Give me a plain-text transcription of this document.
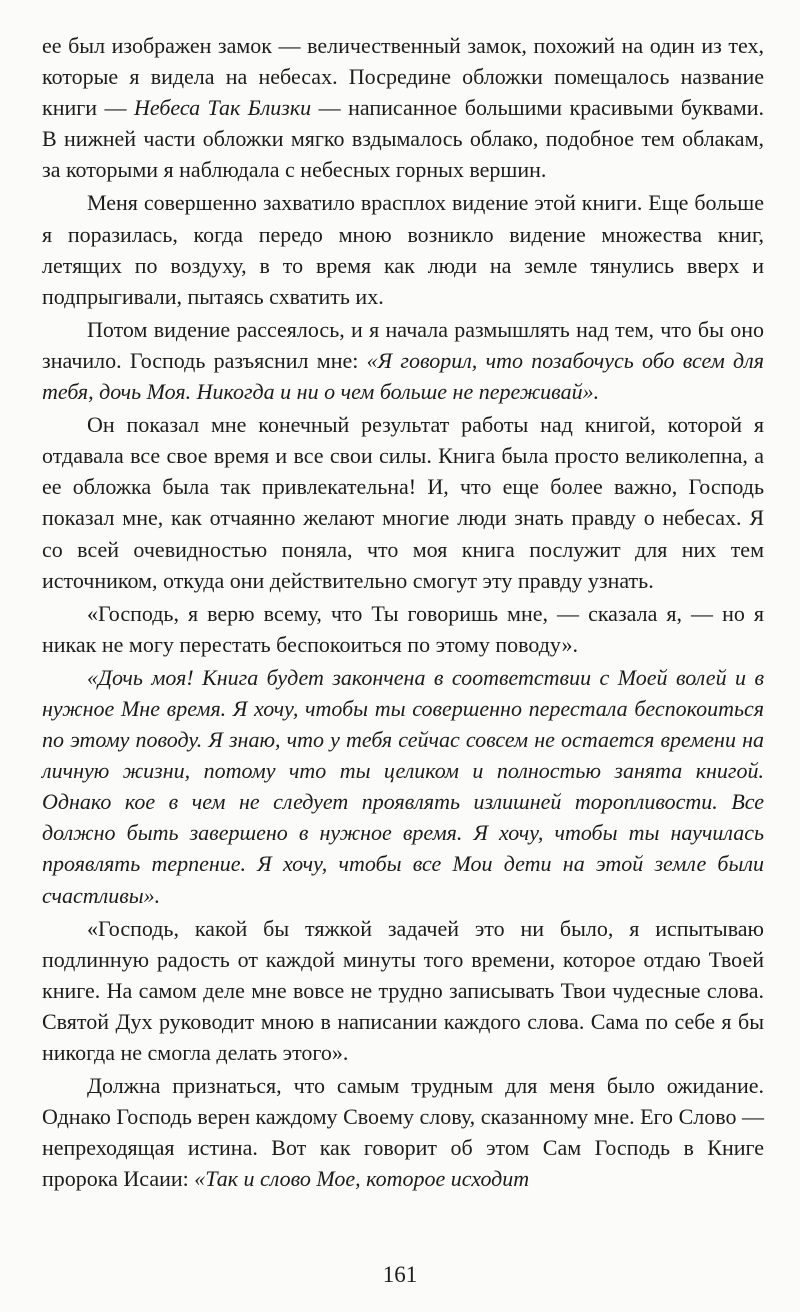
ее был изображен замок — величественный замок, похожий на один из тех, которые я видела на небесах. Посредине обложки помещалось название книги — Небеса Так Близки — написанное большими красивыми буквами. В нижней части обложки мягко вздымалось облако, подобное тем облакам, за которыми я наблюдала с небесных горных вершин.

Меня совершенно захватило врасплох видение этой книги. Еще больше я поразилась, когда передо мною возникло видение множества книг, летящих по воздуху, в то время как люди на земле тянулись вверх и подпрыгивали, пытаясь схватить их.

Потом видение рассеялось, и я начала размышлять над тем, что бы оно значило. Господь разъяснил мне: «Я говорил, что позабочусь обо всем для тебя, дочь Моя. Никогда и ни о чем больше не переживай».

Он показал мне конечный результат работы над книгой, которой я отдавала все свое время и все свои силы. Книга была просто великолепна, а ее обложка была так привлекательна! И, что еще более важно, Господь показал мне, как отчаянно желают многие люди знать правду о небесах. Я со всей очевидностью поняла, что моя книга послужит для них тем источником, откуда они действительно смогут эту правду узнать.

«Господь, я верю всему, что Ты говоришь мне, — сказала я, — но я никак не могу перестать беспокоиться по этому поводу».

«Дочь моя! Книга будет закончена в соответствии с Моей волей и в нужное Мне время. Я хочу, чтобы ты совершенно перестала беспокоиться по этому поводу. Я знаю, что у тебя сейчас совсем не остается времени на личную жизни, потому что ты целиком и полностью занята книгой. Однако кое в чем не следует проявлять излишней торопливости. Все должно быть завершено в нужное время. Я хочу, чтобы ты научилась проявлять терпение. Я хочу, чтобы все Мои дети на этой земле были счастливы».

«Господь, какой бы тяжкой задачей это ни было, я испытываю подлинную радость от каждой минуты того времени, которое отдаю Твоей книге. На самом деле мне вовсе не трудно записывать Твои чудесные слова. Святой Дух руководит мною в написании каждого слова. Сама по себе я бы никогда не смогла делать этого».

Должна признаться, что самым трудным для меня было ожидание. Однако Господь верен каждому Своему слову, сказанному мне. Его Слово — непреходящая истина. Вот как говорит об этом Сам Господь в Книге пророка Исаии: «Так и слово Мое, которое исходит

161
